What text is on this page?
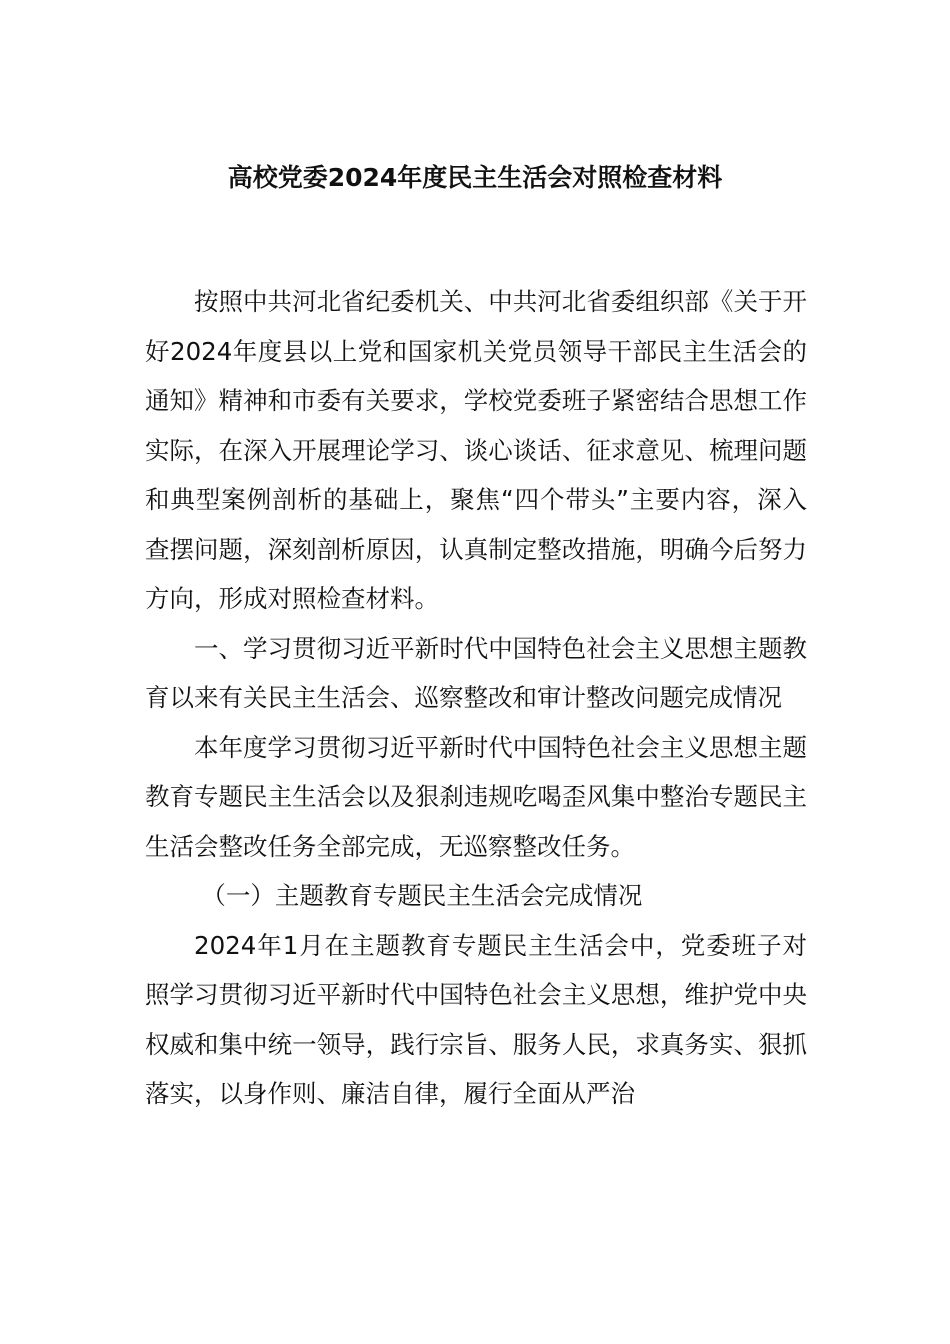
高校党委2024年度民主生活会对照检查材料

按照中共河北省纪委机关、中共河北省委组织部《关于开好2024年度县以上党和国家机关党员领导干部民主生活会的通知》精神和市委有关要求，学校党委班子紧密结合思想工作实际，在深入开展理论学习、谈心谈话、征求意见、梳理问题和典型案例剖析的基础上，聚焦“四个带头”主要内容，深入查摆问题，深刻剖析原因，认真制定整改措施，明确今后努力方向，形成对照检查材料。

一、学习贯彻习近平新时代中国特色社会主义思想主题教育以来有关民主生活会、巡察整改和审计整改问题完成情况

本年度学习贯彻习近平新时代中国特色社会主义思想主题教育专题民主生活会以及狠刹违规吃喝歪风集中整治专题民主生活会整改任务全部完成，无巡察整改任务。

（一）主题教育专题民主生活会完成情况

2024年1月在主题教育专题民主生活会中，党委班子对照学习贯彻习近平新时代中国特色社会主义思想，维护党中央权威和集中统一领导，践行宗旨、服务人民，求真务实、狠抓落实，以身作则、廉洁自律，履行全面从严治
